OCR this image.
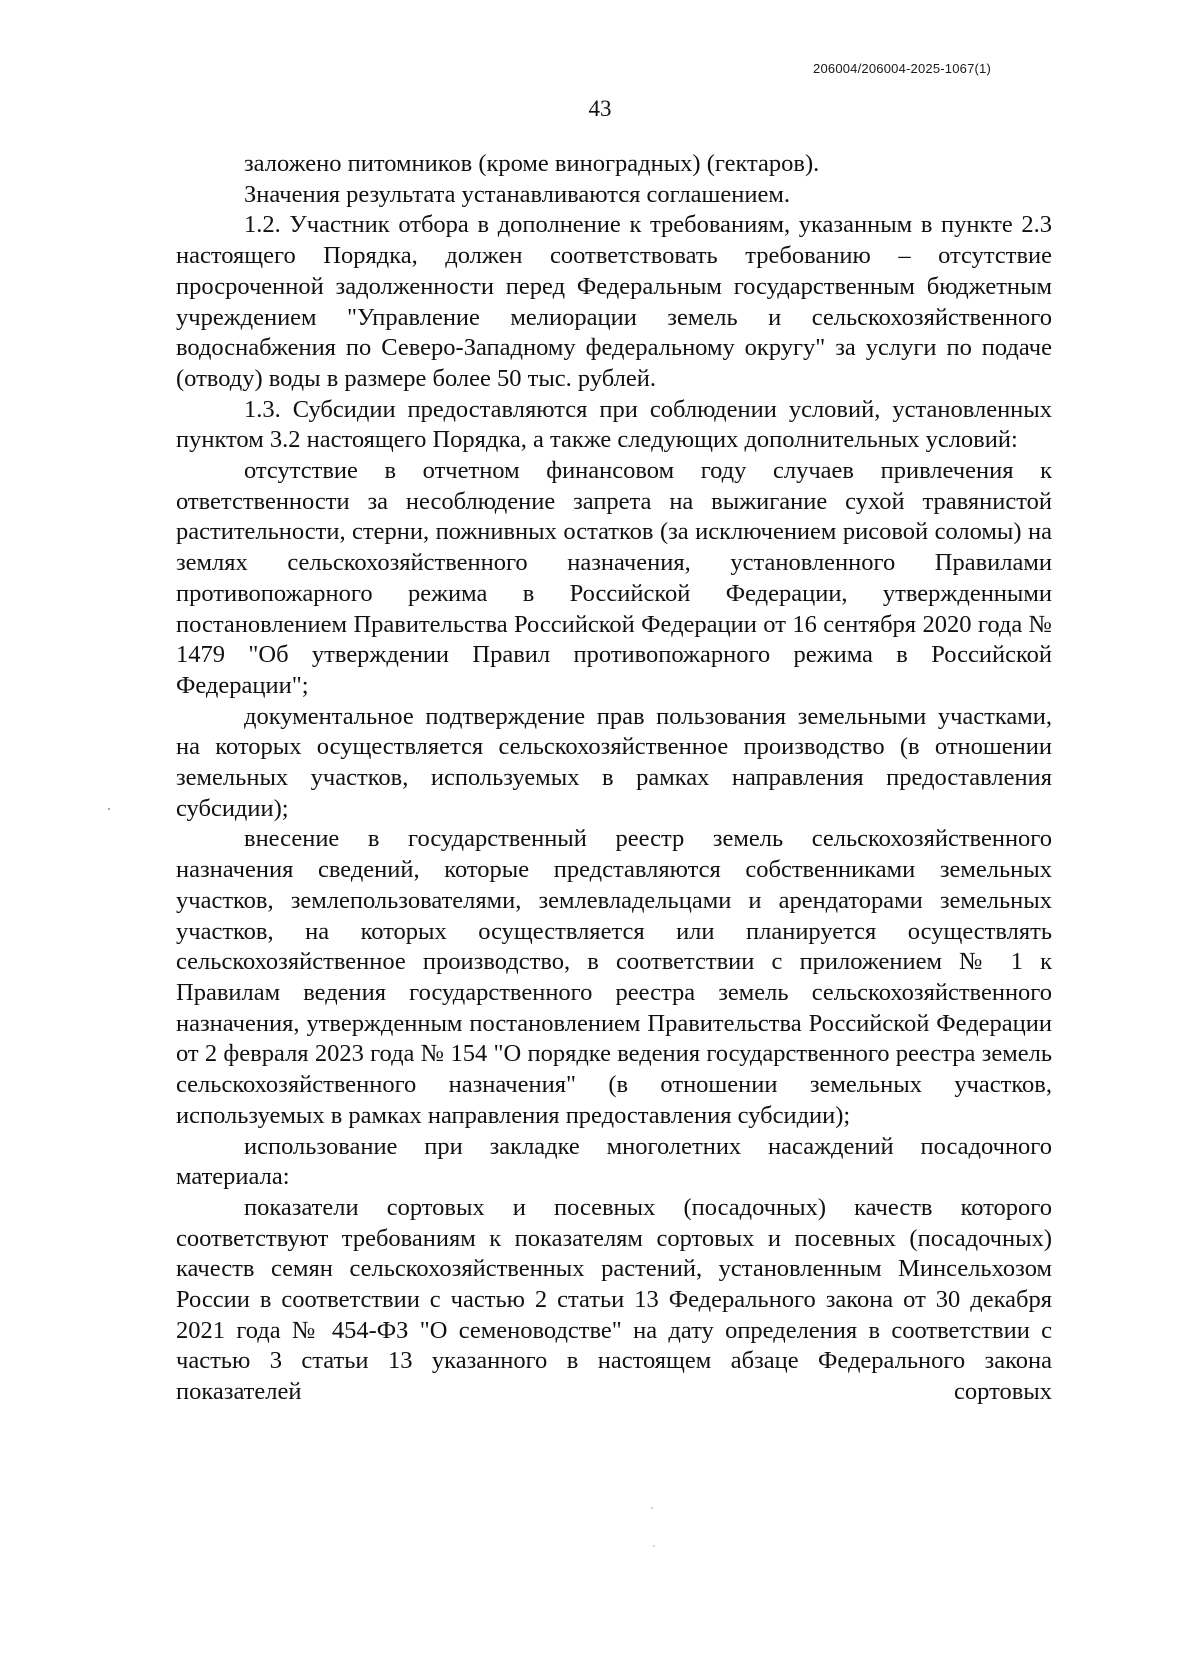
206004/206004-2025-1067(1)
43

заложено питомников (кроме виноградных) (гектаров).

Значения результата устанавливаются соглашением.

1.2. Участник отбора в дополнение к требованиям, указанным в пункте 2.3 настоящего Порядка, должен соответствовать требованию – отсутствие просроченной задолженности перед Федеральным государственным бюджетным учреждением "Управление мелиорации земель и сельскохозяйственного водоснабжения по Северо-Западному федеральному округу" за услуги по подаче (отводу) воды в размере более 50 тыс. рублей.

1.3. Субсидии предоставляются при соблюдении условий, установленных пунктом 3.2 настоящего Порядка, а также следующих дополнительных условий:

отсутствие в отчетном финансовом году случаев привлечения к ответственности за несоблюдение запрета на выжигание сухой травянистой растительности, стерни, пожнивных остатков (за исключением рисовой соломы) на землях сельскохозяйственного назначения, установленного Правилами противопожарного режима в Российской Федерации, утвержденными постановлением Правительства Российской Федерации от 16 сентября 2020 года № 1479 "Об утверждении Правил противопожарного режима в Российской Федерации";

документальное подтверждение прав пользования земельными участками, на которых осуществляется сельскохозяйственное производство (в отношении земельных участков, используемых в рамках направления предоставления субсидии);

внесение в государственный реестр земель сельскохозяйственного назначения сведений, которые представляются собственниками земельных участков, землепользователями, землевладельцами и арендаторами земельных участков, на которых осуществляется или планируется осуществлять сельскохозяйственное производство, в соответствии с приложением № 1 к Правилам ведения государственного реестра земель сельскохозяйственного назначения, утвержденным постановлением Правительства Российской Федерации от 2 февраля 2023 года № 154 "О порядке ведения государственного реестра земель сельскохозяйственного назначения" (в отношении земельных участков, используемых в рамках направления предоставления субсидии);

использование при закладке многолетних насаждений посадочного материала:

показатели сортовых и посевных (посадочных) качеств которого соответствуют требованиям к показателям сортовых и посевных (посадочных) качеств семян сельскохозяйственных растений, установленным Минсельхозом России в соответствии с частью 2 статьи 13 Федерального закона от 30 декабря 2021 года № 454-ФЗ "О семеноводстве" на дату определения в соответствии с частью 3 статьи 13 указанного в настоящем абзаце Федерального закона показателей сортовых
